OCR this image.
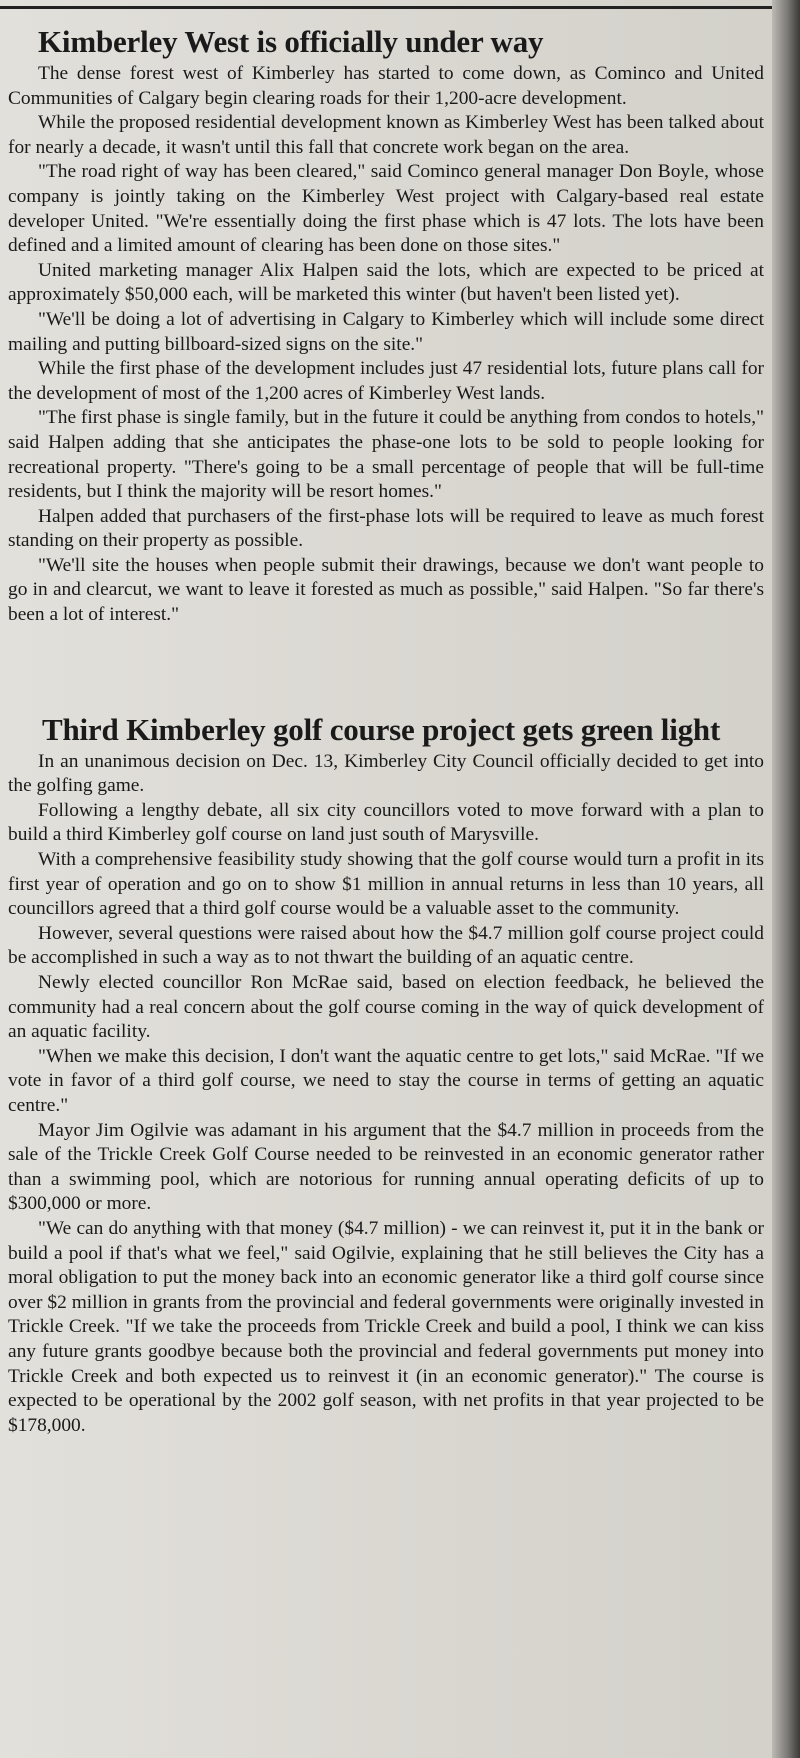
Kimberley West is officially under way

The dense forest west of Kimberley has started to come down, as Cominco and United Communities of Calgary begin clearing roads for their 1,200-acre development.

While the proposed residential development known as Kimberley West has been talked about for nearly a decade, it wasn't until this fall that concrete work began on the area.

"The road right of way has been cleared," said Cominco general manager Don Boyle, whose company is jointly taking on the Kimberley West project with Calgary-based real estate developer United. "We're essentially doing the first phase which is 47 lots. The lots have been defined and a limited amount of clearing has been done on those sites."

United marketing manager Alix Halpen said the lots, which are expected to be priced at approximately $50,000 each, will be marketed this winter (but haven't been listed yet).

"We'll be doing a lot of advertising in Calgary to Kimberley which will include some direct mailing and putting billboard-sized signs on the site."

While the first phase of the development includes just 47 residential lots, future plans call for the development of most of the 1,200 acres of Kimberley West lands.

"The first phase is single family, but in the future it could be anything from condos to hotels," said Halpen adding that she anticipates the phase-one lots to be sold to people looking for recreational property. "There's going to be a small percentage of people that will be full-time residents, but I think the majority will be resort homes."

Halpen added that purchasers of the first-phase lots will be required to leave as much forest standing on their property as possible.

"We'll site the houses when people submit their drawings, because we don't want people to go in and clearcut, we want to leave it forested as much as possible," said Halpen. "So far there's been a lot of interest."

Third Kimberley golf course project gets green light

In an unanimous decision on Dec. 13, Kimberley City Council officially decided to get into the golfing game.

Following a lengthy debate, all six city councillors voted to move forward with a plan to build a third Kimberley golf course on land just south of Marysville.

With a comprehensive feasibility study showing that the golf course would turn a profit in its first year of operation and go on to show $1 million in annual returns in less than 10 years, all councillors agreed that a third golf course would be a valuable asset to the community.

However, several questions were raised about how the $4.7 million golf course project could be accomplished in such a way as to not thwart the building of an aquatic centre.

Newly elected councillor Ron McRae said, based on election feedback, he believed the community had a real concern about the golf course coming in the way of quick development of an aquatic facility.

"When we make this decision, I don't want the aquatic centre to get lots," said McRae. "If we vote in favor of a third golf course, we need to stay the course in terms of getting an aquatic centre."

Mayor Jim Ogilvie was adamant in his argument that the $4.7 million in proceeds from the sale of the Trickle Creek Golf Course needed to be reinvested in an economic generator rather than a swimming pool, which are notorious for running annual operating deficits of up to $300,000 or more.

"We can do anything with that money ($4.7 million) - we can reinvest it, put it in the bank or build a pool if that's what we feel," said Ogilvie, explaining that he still believes the City has a moral obligation to put the money back into an economic generator like a third golf course since over $2 million in grants from the provincial and federal governments were originally invested in Trickle Creek. "If we take the proceeds from Trickle Creek and build a pool, I think we can kiss any future grants goodbye because both the provincial and federal governments put money into Trickle Creek and both expected us to reinvest it (in an economic generator)." The course is expected to be operational by the 2002 golf season, with net profits in that year projected to be $178,000.
